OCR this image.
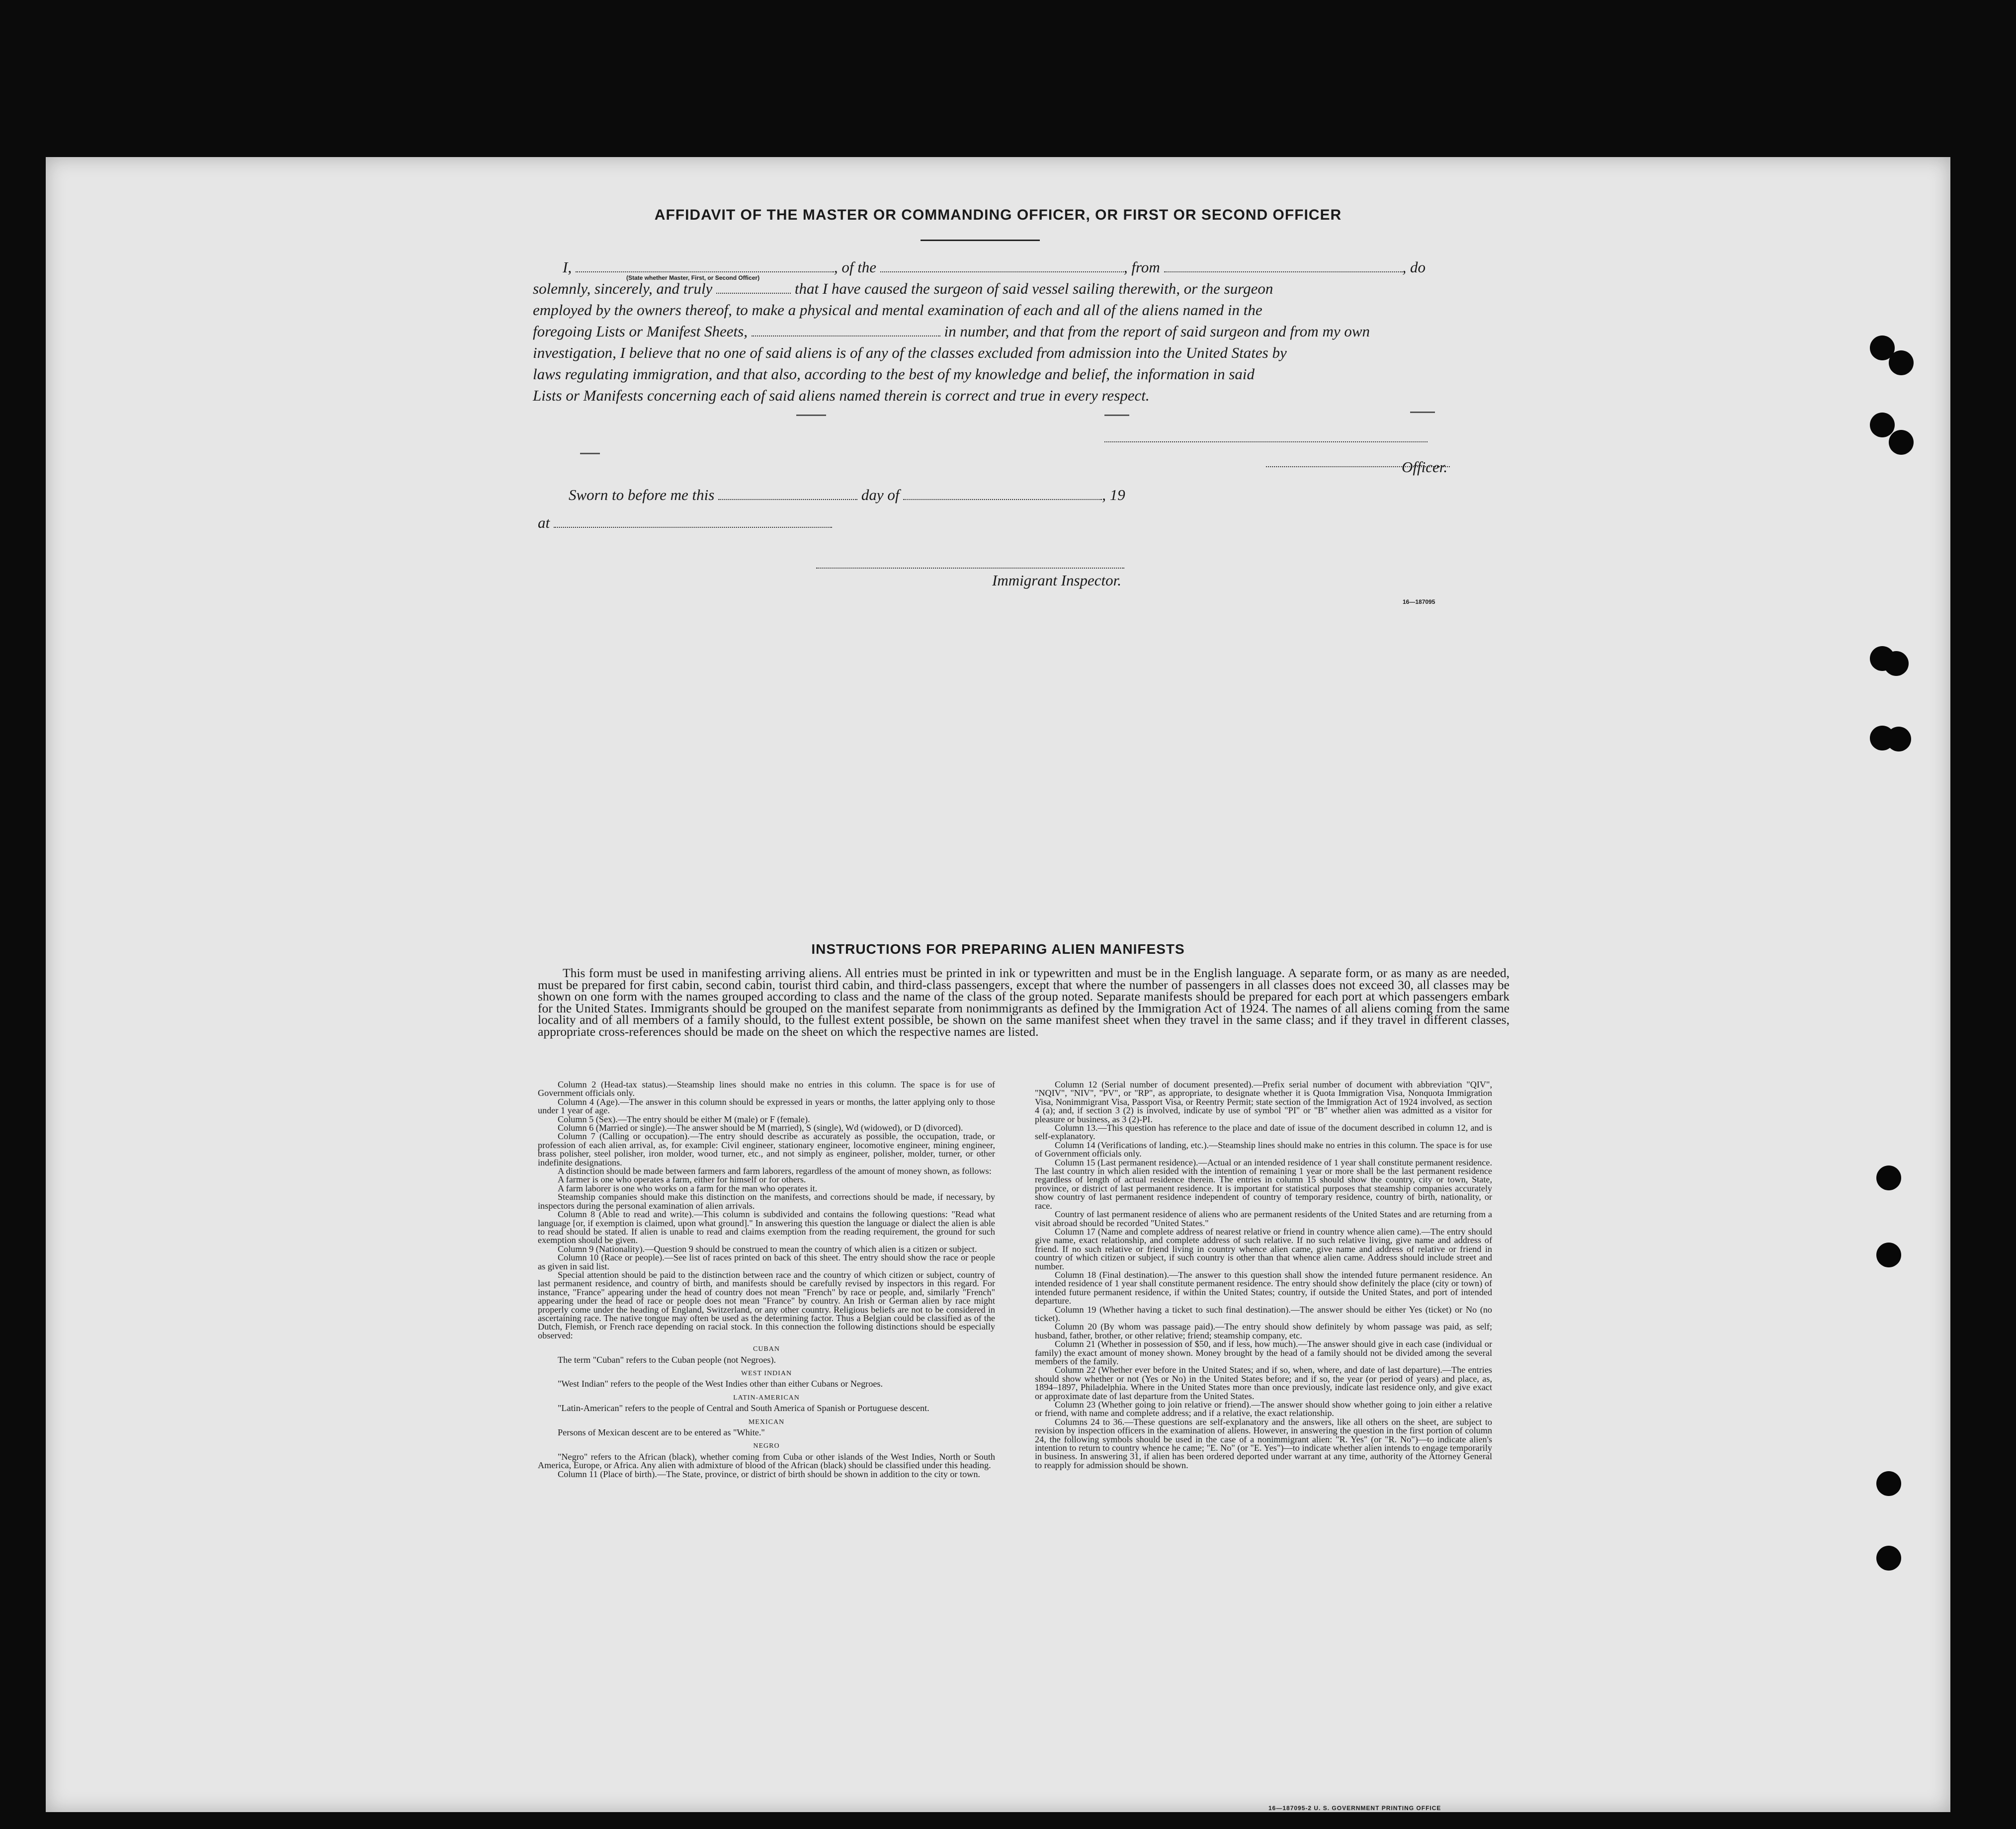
AFFIDAVIT OF THE MASTER OR COMMANDING OFFICER, OR FIRST OR SECOND OFFICER

I,	, of the	, from	, do

solemnly, sincerely, and truly	that I have caused the surgeon of said vessel sailing therewith, or the surgeon

employed by the owners thereof, to make a physical and mental examination of each and all of the aliens named in the

foregoing Lists or Manifest Sheets,	in number, and that from the report of said surgeon and from my own

investigation, I believe that no one of said aliens is of any of the classes excluded from admission into the United States by

laws regulating immigration, and that also, according to the best of my knowledge and belief, the information in said

Lists or Manifests concerning each of said aliens named therein is correct and true in every respect.

(State whether Master, First, or Second Officer)
Officer.
Sworn to before me this	day of	, 19
at
Immigrant Inspector.
16—187095
INSTRUCTIONS FOR PREPARING ALIEN MANIFESTS

This form must be used in manifesting arriving aliens. All entries must be printed in ink or typewritten and must be in the English language. A separate form, or as many as are needed, must be prepared for first cabin, second cabin, tourist third cabin, and third-class passengers, except that where the number of passengers in all classes does not exceed 30, all classes may be shown on one form with the names grouped according to class and the name of the class of the group noted. Separate manifests should be prepared for each port at which passengers embark for the United States. Immigrants should be grouped on the manifest separate from nonimmigrants as defined by the Immigration Act of 1924. The names of all aliens coming from the same locality and of all members of a family should, to the fullest extent possible, be shown on the same manifest sheet when they travel in the same class; and if they travel in different classes, appropriate cross-references should be made on the sheet on which the respective names are listed.

Column 2 (Head-tax status).—Steamship lines should make no entries in this column. The space is for use of Government officials only.

Column 4 (Age).—The answer in this column should be expressed in years or months, the latter applying only to those under 1 year of age.

Column 5 (Sex).—The entry should be either M (male) or F (female).

Column 6 (Married or single).—The answer should be M (married), S (single), Wd (widowed), or D (divorced).

Column 7 (Calling or occupation).—The entry should describe as accurately as possible, the occupation, trade, or profession of each alien arrival, as, for example: Civil engineer, stationary engineer, locomotive engineer, mining engineer, brass polisher, steel polisher, iron molder, wood turner, etc., and not simply as engineer, polisher, molder, turner, or other indefinite designations.

A distinction should be made between farmers and farm laborers, regardless of the amount of money shown, as follows:

A farmer is one who operates a farm, either for himself or for others.

A farm laborer is one who works on a farm for the man who operates it.

Steamship companies should make this distinction on the manifests, and corrections should be made, if necessary, by inspectors during the personal examination of alien arrivals.

Column 8 (Able to read and write).—This column is subdivided and contains the following questions: "Read what language [or, if exemption is claimed, upon what ground]." In answering this question the language or dialect the alien is able to read should be stated. If alien is unable to read and claims exemption from the reading requirement, the ground for such exemption should be given.

Column 9 (Nationality).—Question 9 should be construed to mean the country of which alien is a citizen or subject.

Column 10 (Race or people).—See list of races printed on back of this sheet. The entry should show the race or people as given in said list.

Special attention should be paid to the distinction between race and the country of which citizen or subject, country of last permanent residence, and country of birth, and manifests should be carefully revised by inspectors in this regard. For instance, "France" appearing under the head of country does not mean "French" by race or people, and, similarly "French" appearing under the head of race or people does not mean "France" by country. An Irish or German alien by race might properly come under the heading of England, Switzerland, or any other country. Religious beliefs are not to be considered in ascertaining race. The native tongue may often be used as the determining factor. Thus a Belgian could be classified as of the Dutch, Flemish, or French race depending on racial stock. In this connection the following distinctions should be especially observed:

CUBAN

The term "Cuban" refers to the Cuban people (not Negroes).

WEST INDIAN

"West Indian" refers to the people of the West Indies other than either Cubans or Negroes.

LATIN-AMERICAN

"Latin-American" refers to the people of Central and South America of Spanish or Portuguese descent.

MEXICAN

Persons of Mexican descent are to be entered as "White."

NEGRO

"Negro" refers to the African (black), whether coming from Cuba or other islands of the West Indies, North or South America, Europe, or Africa. Any alien with admixture of blood of the African (black) should be classified under this heading.

Column 11 (Place of birth).—The State, province, or district of birth should be shown in addition to the city or town.

Column 12 (Serial number of document presented).—Prefix serial number of document with abbreviation "QIV", "NQIV", "NIV", "PV", or "RP", as appropriate, to designate whether it is Quota Immigration Visa, Nonquota Immigration Visa, Nonimmigrant Visa, Passport Visa, or Reentry Permit; state section of the Immigration Act of 1924 involved, as section 4 (a); and, if section 3 (2) is involved, indicate by use of symbol "PI" or "B" whether alien was admitted as a visitor for pleasure or business, as 3 (2)-PI.

Column 13.—This question has reference to the place and date of issue of the document described in column 12, and is self-explanatory.

Column 14 (Verifications of landing, etc.).—Steamship lines should make no entries in this column. The space is for use of Government officials only.

Column 15 (Last permanent residence).—Actual or an intended residence of 1 year shall constitute permanent residence. The last country in which alien resided with the intention of remaining 1 year or more shall be the last permanent residence regardless of length of actual residence therein. The entries in column 15 should show the country, city or town, State, province, or district of last permanent residence. It is important for statistical purposes that steamship companies accurately show country of last permanent residence independent of country of temporary residence, country of birth, nationality, or race.

Country of last permanent residence of aliens who are permanent residents of the United States and are returning from a visit abroad should be recorded "United States."

Column 17 (Name and complete address of nearest relative or friend in country whence alien came).—The entry should give name, exact relationship, and complete address of such relative. If no such relative living, give name and address of friend. If no such relative or friend living in country whence alien came, give name and address of relative or friend in country of which citizen or subject, if such country is other than that whence alien came. Address should include street and number.

Column 18 (Final destination).—The answer to this question shall show the intended future permanent residence. An intended residence of 1 year shall constitute permanent residence. The entry should show definitely the place (city or town) of intended future permanent residence, if within the United States; country, if outside the United States, and port of intended departure.

Column 19 (Whether having a ticket to such final destination).—The answer should be either Yes (ticket) or No (no ticket).

Column 20 (By whom was passage paid).—The entry should show definitely by whom passage was paid, as self; husband, father, brother, or other relative; friend; steamship company, etc.

Column 21 (Whether in possession of $50, and if less, how much).—The answer should give in each case (individual or family) the exact amount of money shown. Money brought by the head of a family should not be divided among the several members of the family.

Column 22 (Whether ever before in the United States; and if so, when, where, and date of last departure).—The entries should show whether or not (Yes or No) in the United States before; and if so, the year (or period of years) and place, as, 1894–1897, Philadelphia. Where in the United States more than once previously, indicate last residence only, and give exact or approximate date of last departure from the United States.

Column 23 (Whether going to join relative or friend).—The answer should show whether going to join either a relative or friend, with name and complete address; and if a relative, the exact relationship.

Columns 24 to 36.—These questions are self-explanatory and the answers, like all others on the sheet, are subject to revision by inspection officers in the examination of aliens. However, in answering the question in the first portion of column 24, the following symbols should be used in the case of a nonimmigrant alien: "R. Yes" (or "R. No")—to indicate alien's intention to return to country whence he came; "E. No" (or "E. Yes")—to indicate whether alien intends to engage temporarily in business. In answering 31, if alien has been ordered deported under warrant at any time, authority of the Attorney General to reapply for admission should be shown.

16—187095-2 U. S. GOVERNMENT PRINTING OFFICE
